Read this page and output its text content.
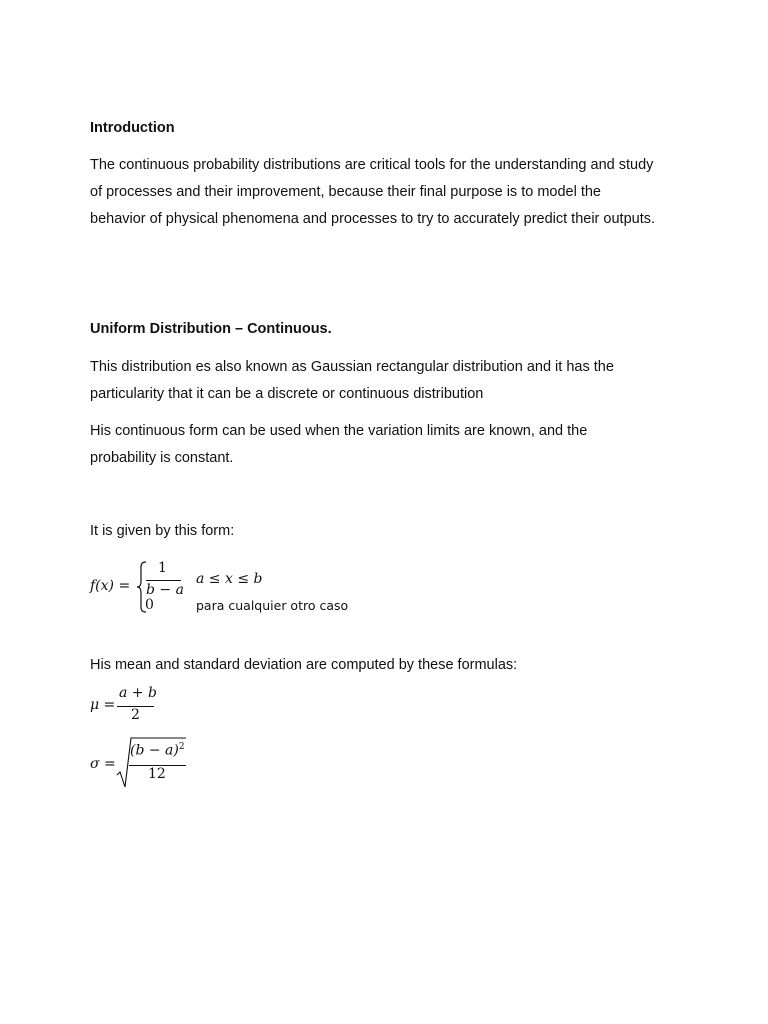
Introduction
The continuous probability distributions are critical tools for the understanding and study
of processes and their improvement, because their final purpose is to model the
behavior of physical phenomena and processes to try to accurately predict their outputs.
Uniform Distribution – Continuous.
This distribution es also known as Gaussian rectangular distribution and it has the
particularity that it can be a discrete or continuous distribution
His continuous form can be used when the variation limits are known, and the
probability is constant.
It is given by this form:
f(x) =
1
b − a
a ≤ x ≤ b
0	para cualquier otro caso
His mean and standard deviation are computed by these formulas:
μ =
a + b
2
σ =
$(b - a)^2$
12
